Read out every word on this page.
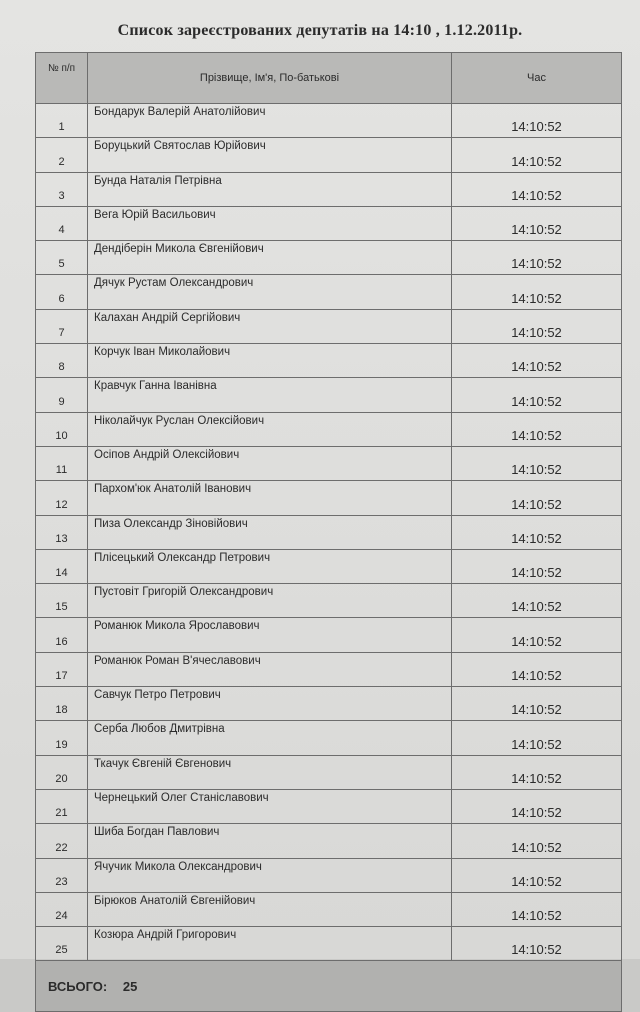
Список зареєстрованих депутатів на 14:10 , 1.12.2011р.
№ п/п	Прізвище, Ім'я, По-батькові	Час
1	Бондарук Валерій Анатолійович	14:10:52
2	Боруцький Святослав Юрійович	14:10:52
3	Бунда Наталія Петрівна	14:10:52
4	Вега Юрій Васильович	14:10:52
5	Дендіберін Микола Євгенійович	14:10:52
6	Дячук Рустам Олександрович	14:10:52
7	Калахан Андрій Сергійович	14:10:52
8	Корчук Іван Миколайович	14:10:52
9	Кравчук Ганна Іванівна	14:10:52
10	Ніколайчук Руслан Олексійович	14:10:52
11	Осіпов Андрій Олексійович	14:10:52
12	Пархом'юк Анатолій Іванович	14:10:52
13	Пиза Олександр Зіновійович	14:10:52
14	Плісецький Олександр Петрович	14:10:52
15	Пустовіт Григорій Олександрович	14:10:52
16	Романюк Микола Ярославович	14:10:52
17	Романюк Роман В'ячеславович	14:10:52
18	Савчук Петро Петрович	14:10:52
19	Серба Любов Дмитрівна	14:10:52
20	Ткачук Євгеній Євгенович	14:10:52
21	Чернецький Олег Станіславович	14:10:52
22	Шиба Богдан Павлович	14:10:52
23	Ячучик Микола Олександрович	14:10:52
24	Бірюков Анатолій Євгенійович	14:10:52
25	Козюра Андрій Григорович	14:10:52
ВСЬОГО: 25		
